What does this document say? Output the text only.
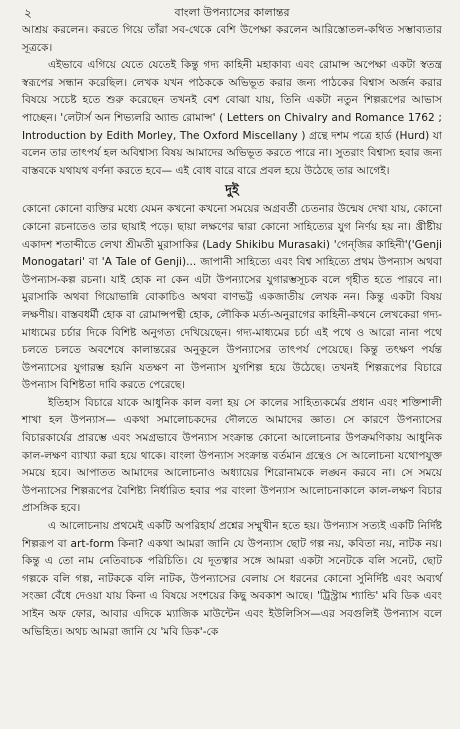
২	বাংলা উপন্যাসের কালান্তর

আশ্রয় করলেন। করতে গিয়ে তাঁরা সব-থেকে বেশি উপেক্ষা করলেন আরিস্তোতল-কথিত সম্ভাব্যতার সূত্রকে।

এইভাবে এগিয়ে যেতে যেতেই কিন্তু গদ্য কাহিনী মহাকাব্য এবং রোমান্স অপেক্ষা একটা স্বতন্ত্র স্বরূপের সন্ধান করেছিল। লেখক যখন পাঠককে অভিভূত করার জন্য পাঠকের বিশ্বাস অর্জন করার বিষয়ে সচেষ্ট হতে শুরু করেছেন তখনই বেশ বোঝা যায়, তিনি একটা নতুন শিল্পরূপের আভাস পাচ্ছেন। 'লেটার্স অন শিভ্যলরি অ্যান্ড রোমান্স' ( Letters on Chivalry and Romance 1762 ; Introduction by Edith Morley, The Oxford Miscellany ) গ্রন্থে দশম পত্রে হার্ড (Hurd) যা বলেন তার তাৎপর্য হল অবিশ্বাস্য বিষয় আমাদের অভিভূত করতে পারে না। সুতরাং বিশ্বাস্য হবার জন্য বাস্তবকে যথাযথ বর্ণনা করতে হবে— এই বোধ বারে বারে প্রবল হয়ে উঠেছে তার আগেই।

দুই

কোনো কোনো ব্যক্তির মধ্যে যেমন কখনো কখনো সময়ের অগ্রবর্তী চেতনার উন্মেষ দেখা যায়, কোনো কোনো রচনাতেও তার ছায়াই পড়ে। ছায়া লক্ষণের দ্বারা কোনো সাহিত্যের যুগ নির্ণয় হয় না। খ্রীষ্টীয় একাদশ শতাব্দীতে লেখা শ্রীমতী মুরাসাকির (Lady Shikibu Murasaki) 'গেন্‌জির কাহিনী'('Genji Monogatari' বা 'A Tale of Genji)... জাপানী সাহিত্যে এবং বিশ্ব সাহিত্যে প্রথম উপন্যাস অথবা উপন্যাস-কল্প রচনা। যাই হোক না কেন এটা উপন্যাসের যুগারম্ভসূচক বলে গৃহীত হতে পারবে না। মুরাসাকি অথবা গিয়োভান্নি বোকাচিও অথবা বাণভট্ট একজাতীয় লেখক নন। কিন্তু একটা বিষয় লক্ষণীয়। বাস্তবধর্মী হোক বা রোমান্সপন্থী হোক, লৌকিক মর্ত্য-অনুরাগের কাহিনী-কথনে লেখকেরা গদ্য-মাধ্যমের চর্চার দিকে বিশিষ্ট অনুগত্য দেখিয়েছেন। গদ্য-মাধ্যমের চর্চা এই পথে ও আরো নানা পথে চলতে চলতে অবশেষে কালান্তরের অনুকূলে উপন্যাসের তাৎপর্য পেয়েছে। কিন্তু তৎক্ষণ পর্যন্ত উপন্যাসের যুগারম্ভ হয়নি যতক্ষণ না উপন্যাস যুগশিল্প হয়ে উঠেছে। তখনই শিল্পরূপের বিচারে উপন্যাস বিশিষ্টতা দাবি করতে পেরেছে।

ইতিহাস বিচারে যাকে আধুনিক কাল বলা হয় সে কালের সাহিত্যকর্মের প্রধান এবং শক্তিশালী শাখা হল উপন্যাস— একথা সমালোচকদের দৌলতে আমাদের জ্ঞাত। সে কারণে উপন্যাসের বিচারকার্যের প্রারম্ভে এবং সমগ্রভাবে উপন্যাস সংক্রান্ত কোনো আলোচনার উপক্রমণিকায় আধুনিক কাল-লক্ষণ ব্যাখ্যা করা হয়ে থাকে। বাংলা উপন্যাস সংক্রান্ত বর্তমান গ্রন্থেও সে আলোচনা যথোপযুক্ত সময়ে হবে। আপাতত আমাদের আলোচনাও অধ্যায়ের শিরোনামকে লঙ্ঘন করবে না। সে সময়ে উপন্যাসের শিল্পরূপের বৈশিষ্ট্য নির্ধারিত হবার পর বাংলা উপন্যাস আলোচনাকালে কাল-লক্ষণ বিচার প্রাসঙ্গিক হবে।

এ আলোচনায় প্রথমেই একটি অপরিহার্য প্রশ্নের সম্মুখীন হতে হয়। উপন্যাস সত্যই একটি নির্দিষ্ট শিল্পরূপ বা art-form কিনা? একথা আমরা জানি যে উপন্যাস ছোট গল্প নয়, কবিতা নয়, নাটক নয়। কিন্তু এ তো নাম নেতিবাচক পরিচিতি। যে দূতত্বার সঙ্গে আমরা একটা সনেটকে বলি সনেট, ছোট গল্পকে বলি গল্প, নাটককে বলি নাটক, উপন্যাসের বেলায় সে ধরনের কোনো সুনির্দিষ্ট এবং অব্যর্থ সংজ্ঞা বেঁধে দেওয়া যায় কিনা এ বিষয়ে সংশয়ের কিছু অবকাশ আছে। 'ট্রিস্ট্রাম শ্যান্ডি' মবি ডিক এবং সাইন অফ ফোর, আবার এদিকে ম্যাজিক মাউন্টেন এবং ইউলিসিস—এর সবগুলিই উপন্যাস বলে অভিহিত। অথচ আমরা জানি যে 'মবি ডিক'-কে
